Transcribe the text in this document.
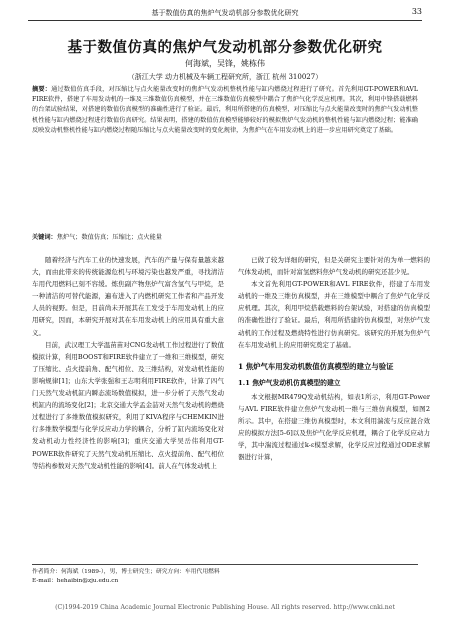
基于数值仿真的焦炉气发动机部分参数优化研究	33
基于数值仿真的焦炉气发动机部分参数优化研究
何海斌，吴锋，姚栋伟
（浙江大学 动力机械及车辆工程研究所，浙江 杭州 310027）
摘要：通过数值仿真手段，对压缩比与点火能量改变时的焦炉气发动机整机性能与缸内燃烧过程进行了研究。首先利用GT-POWER和AVL FIRE软件，搭建了车用发动机的一维及三维数值仿真模型，并在三维数值仿真模型中耦合了焦炉气化学反应机理。其次，利用中锋搭载燃料的台架试验结果，对搭建的数值仿真模型的准确性进行了验证。最后，利用所搭建的仿真模型，对压缩比与点火能量改变时的焦炉气发动机整机性能与缸内燃烧过程进行数值仿真研究。结果表明，搭建的数值仿真模型能够较好的模拟焦炉气发动机的整机性能与缸内燃烧过程；能准确反映发动机整机性能与缸内燃烧过程随压缩比与点火能量改变时的变化规律，为焦炉气在车用发动机上的进一步应用研究奠定了基础。
关键词：焦炉气；数值仿真；压缩比；点火能量

随着经济与汽车工业的快速发展，汽车的产量与保有量越来越大，而由此带来的传统能源危机与环境污染也越发严重，寻找清洁车用代用燃料已刻不容缓。炼焦副产物焦炉气富含氢气与甲烷，是一种清洁的可替代能源，遍布进入了内燃机研究工作者和产品开发人员的视野。但是，目前尚未开展其在工发受于车用发动机上的应用研究，因而，本研究开展对其在车用发动机上的应用具有重大意义。

目前，武汉理工大学温苗苗对CNG发动机工作过程进行了数值模拟计算，利用BOOST和FIRE软件建立了一维和三维模型，研究了压缩比、点火提前角、配气相位、及三维结构，对发动机性能的影响规律[1]；山东大学张强和王志明利用FIRE软件，计算了四气门天然气发动机缸内瞬态流场数值模拟，进一步分析了天然气发动机缸内的流场变化[2]；北京交通大学孟金喆对天然气发动机的燃烧过程进行了多维数值模拟研究，利用了KIVA程序与CHEMKIN进行多维数学模型与化学反应动力学的耦合，分析了缸内流场变化对发动机动力性经济性的影响[3]；重庆交通大学吴岳伟利用GT-POWER软件研究了天然气发动机压缩比、点火提前角、配气相位等结构参数对天然气发动机性能的影响[4]。前人在气体发动机上

已做了较为详细的研究，但是关研究主要针对的为单一燃料的气体发动机，而针对富氢燃料焦炉气发动机的研究还甚少见。

本文首先利用GT-POWER和AVL FIRE软件，搭建了车用发动机的一维及三维仿真模型，并在三维模型中耦合了焦炉气化学反应机理。其次，利用甲烷搭载燃料的台架试验，对搭建的仿真模型的准确性进行了验证。最后，利用所搭建的仿真模型，对焦炉气发动机的工作过程及燃烧特性进行仿真研究。该研究的开展为焦炉气在车用发动机上的应用研究奠定了基础。

1 焦炉气车用发动机数值仿真模型的建立与验证
1.1 焦炉气发动机仿真模型的建立

本文根据MR479Q发动机结构，如表1所示，利用GT-Power与AVL FIRE软件建立焦炉气发动机一维与三维仿真模型，如图2所示。其中，在搭建三维仿真模型时，本文利用湍流与反应混合效应的模拟方法[5-6]以及焦炉气化学反应机理，耦合了化学反应动力学，其中湍流过程通过k-ε模型求解，化学反应过程通过ODE求解器进行计算，

作者简介：何海斌（1989-），男，博士研究生；研究方向：车用代用燃料
E-mail：hehaibin@zju.edu.cn
(C)1994-2019 China Academic Journal Electronic Publishing House. All rights reserved. http://www.cnki.net
